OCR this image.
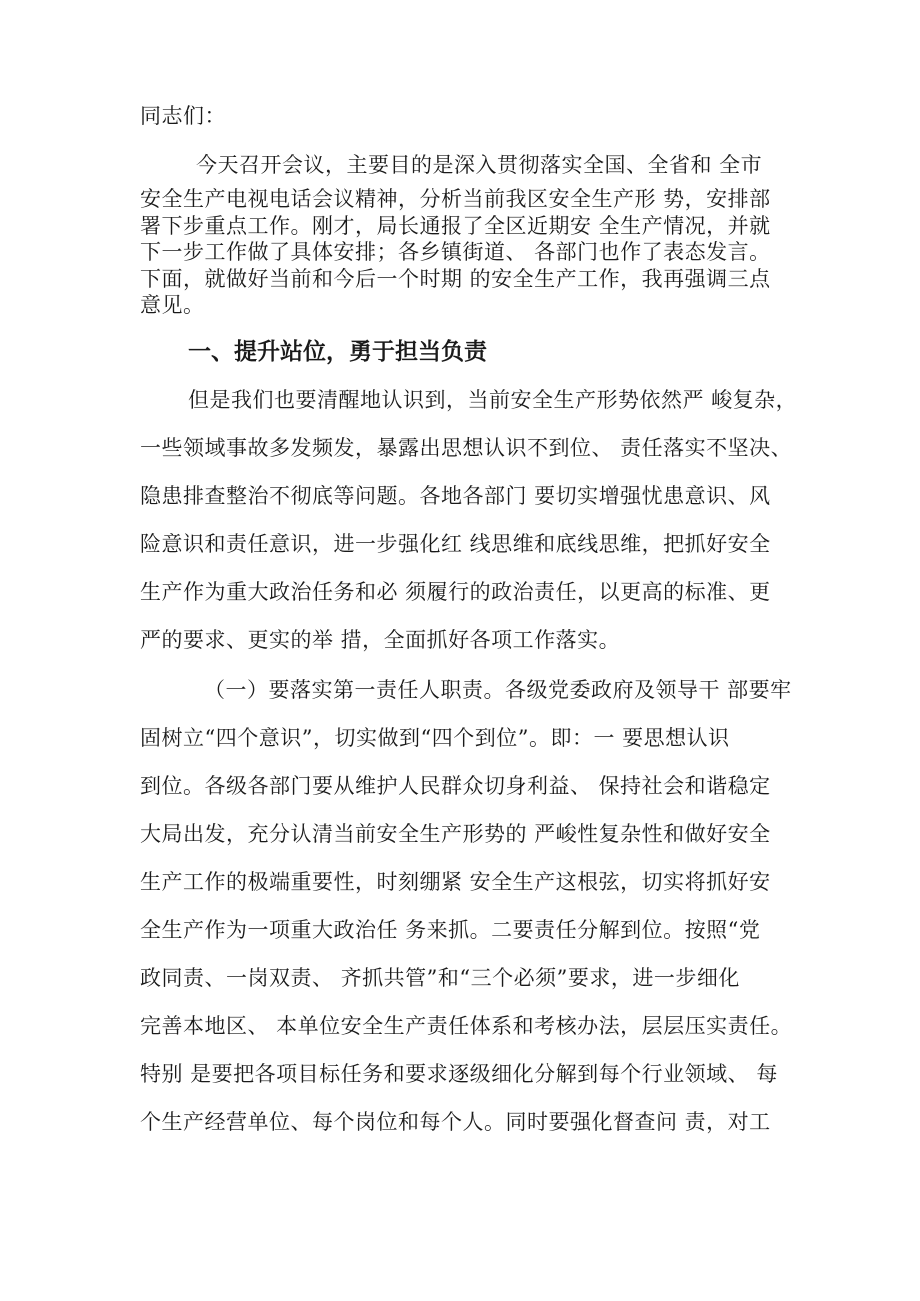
同志们：
今天召开会议，主要目的是深入贯彻落实全国、全省和 全市
安全生产电视电话会议精神，分析当前我区安全生产形 势，安排部
署下步重点工作。刚才，局长通报了全区近期安 全生产情况，并就
下一步工作做了具体安排；各乡镇街道、 各部门也作了表态发言。
下面，就做好当前和今后一个时期 的安全生产工作，我再强调三点
意见。
一、提升站位，勇于担当负责
但是我们也要清醒地认识到，当前安全生产形势依然严 峻复杂，
一些领域事故多发频发，暴露出思想认识不到位、 责任落实不坚决、
隐患排查整治不彻底等问题。各地各部门 要切实增强忧患意识、风
险意识和责任意识，进一步强化红 线思维和底线思维，把抓好安全
生产作为重大政治任务和必 须履行的政治责任，以更高的标准、更
严的要求、更实的举 措，全面抓好各项工作落实。
（一）要落实第一责任人职责。各级党委政府及领导干 部要牢
固树立“四个意识”，切实做到“四个到位”。即：一 要思想认识
到位。各级各部门要从维护人民群众切身利益、 保持社会和谐稳定
大局出发，充分认清当前安全生产形势的 严峻性复杂性和做好安全
生产工作的极端重要性，时刻绷紧 安全生产这根弦，切实将抓好安
全生产作为一项重大政治任 务来抓。二要责任分解到位。按照“党
政同责、一岗双责、 齐抓共管”和“三个必须”要求，进一步细化
完善本地区、 本单位安全生产责任体系和考核办法，层层压实责任。
特别 是要把各项目标任务和要求逐级细化分解到每个行业领域、 每
个生产经营单位、每个岗位和每个人。同时要强化督查问 责，对工
